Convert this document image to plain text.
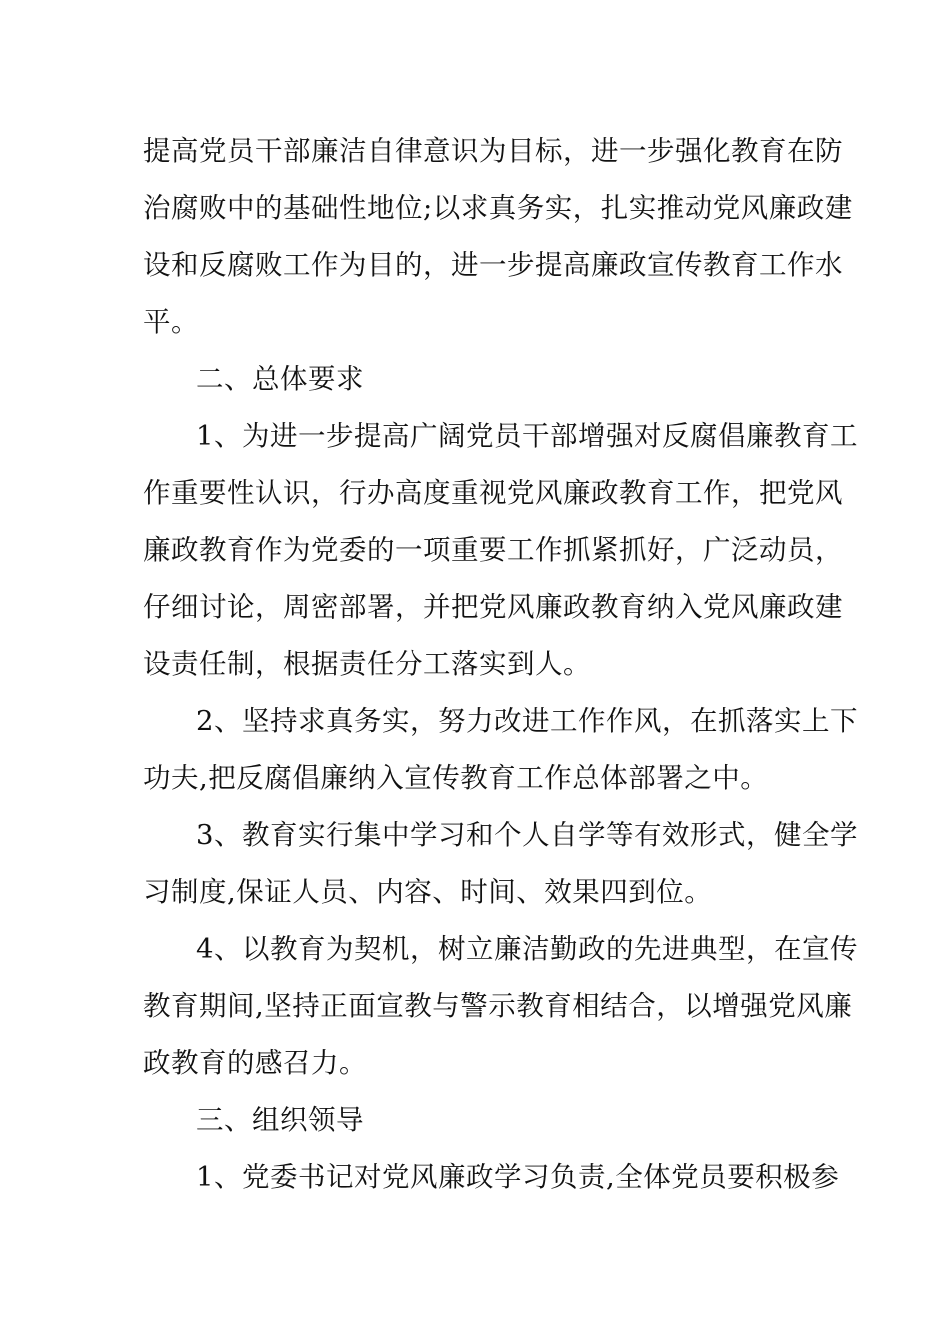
提高党员干部廉洁自律意识为目标，进一步强化教育在防
治腐败中的基础性地位;以求真务实，扎实推动党风廉政建
设和反腐败工作为目的，进一步提高廉政宣传教育工作水
平。
二、总体要求
1、为进一步提高广阔党员干部增强对反腐倡廉教育工
作重要性认识，行办高度重视党风廉政教育工作，把党风
廉政教育作为党委的一项重要工作抓紧抓好，广泛动员，
仔细讨论，周密部署，并把党风廉政教育纳入党风廉政建
设责任制，根据责任分工落实到人。
2、坚持求真务实，努力改进工作作风，在抓落实上下
功夫,把反腐倡廉纳入宣传教育工作总体部署之中。
3、教育实行集中学习和个人自学等有效形式，健全学
习制度,保证人员、内容、时间、效果四到位。
4、以教育为契机，树立廉洁勤政的先进典型，在宣传
教育期间,坚持正面宣教与警示教育相结合，以增强党风廉
政教育的感召力。
三、组织领导
1、党委书记对党风廉政学习负责,全体党员要积极参
